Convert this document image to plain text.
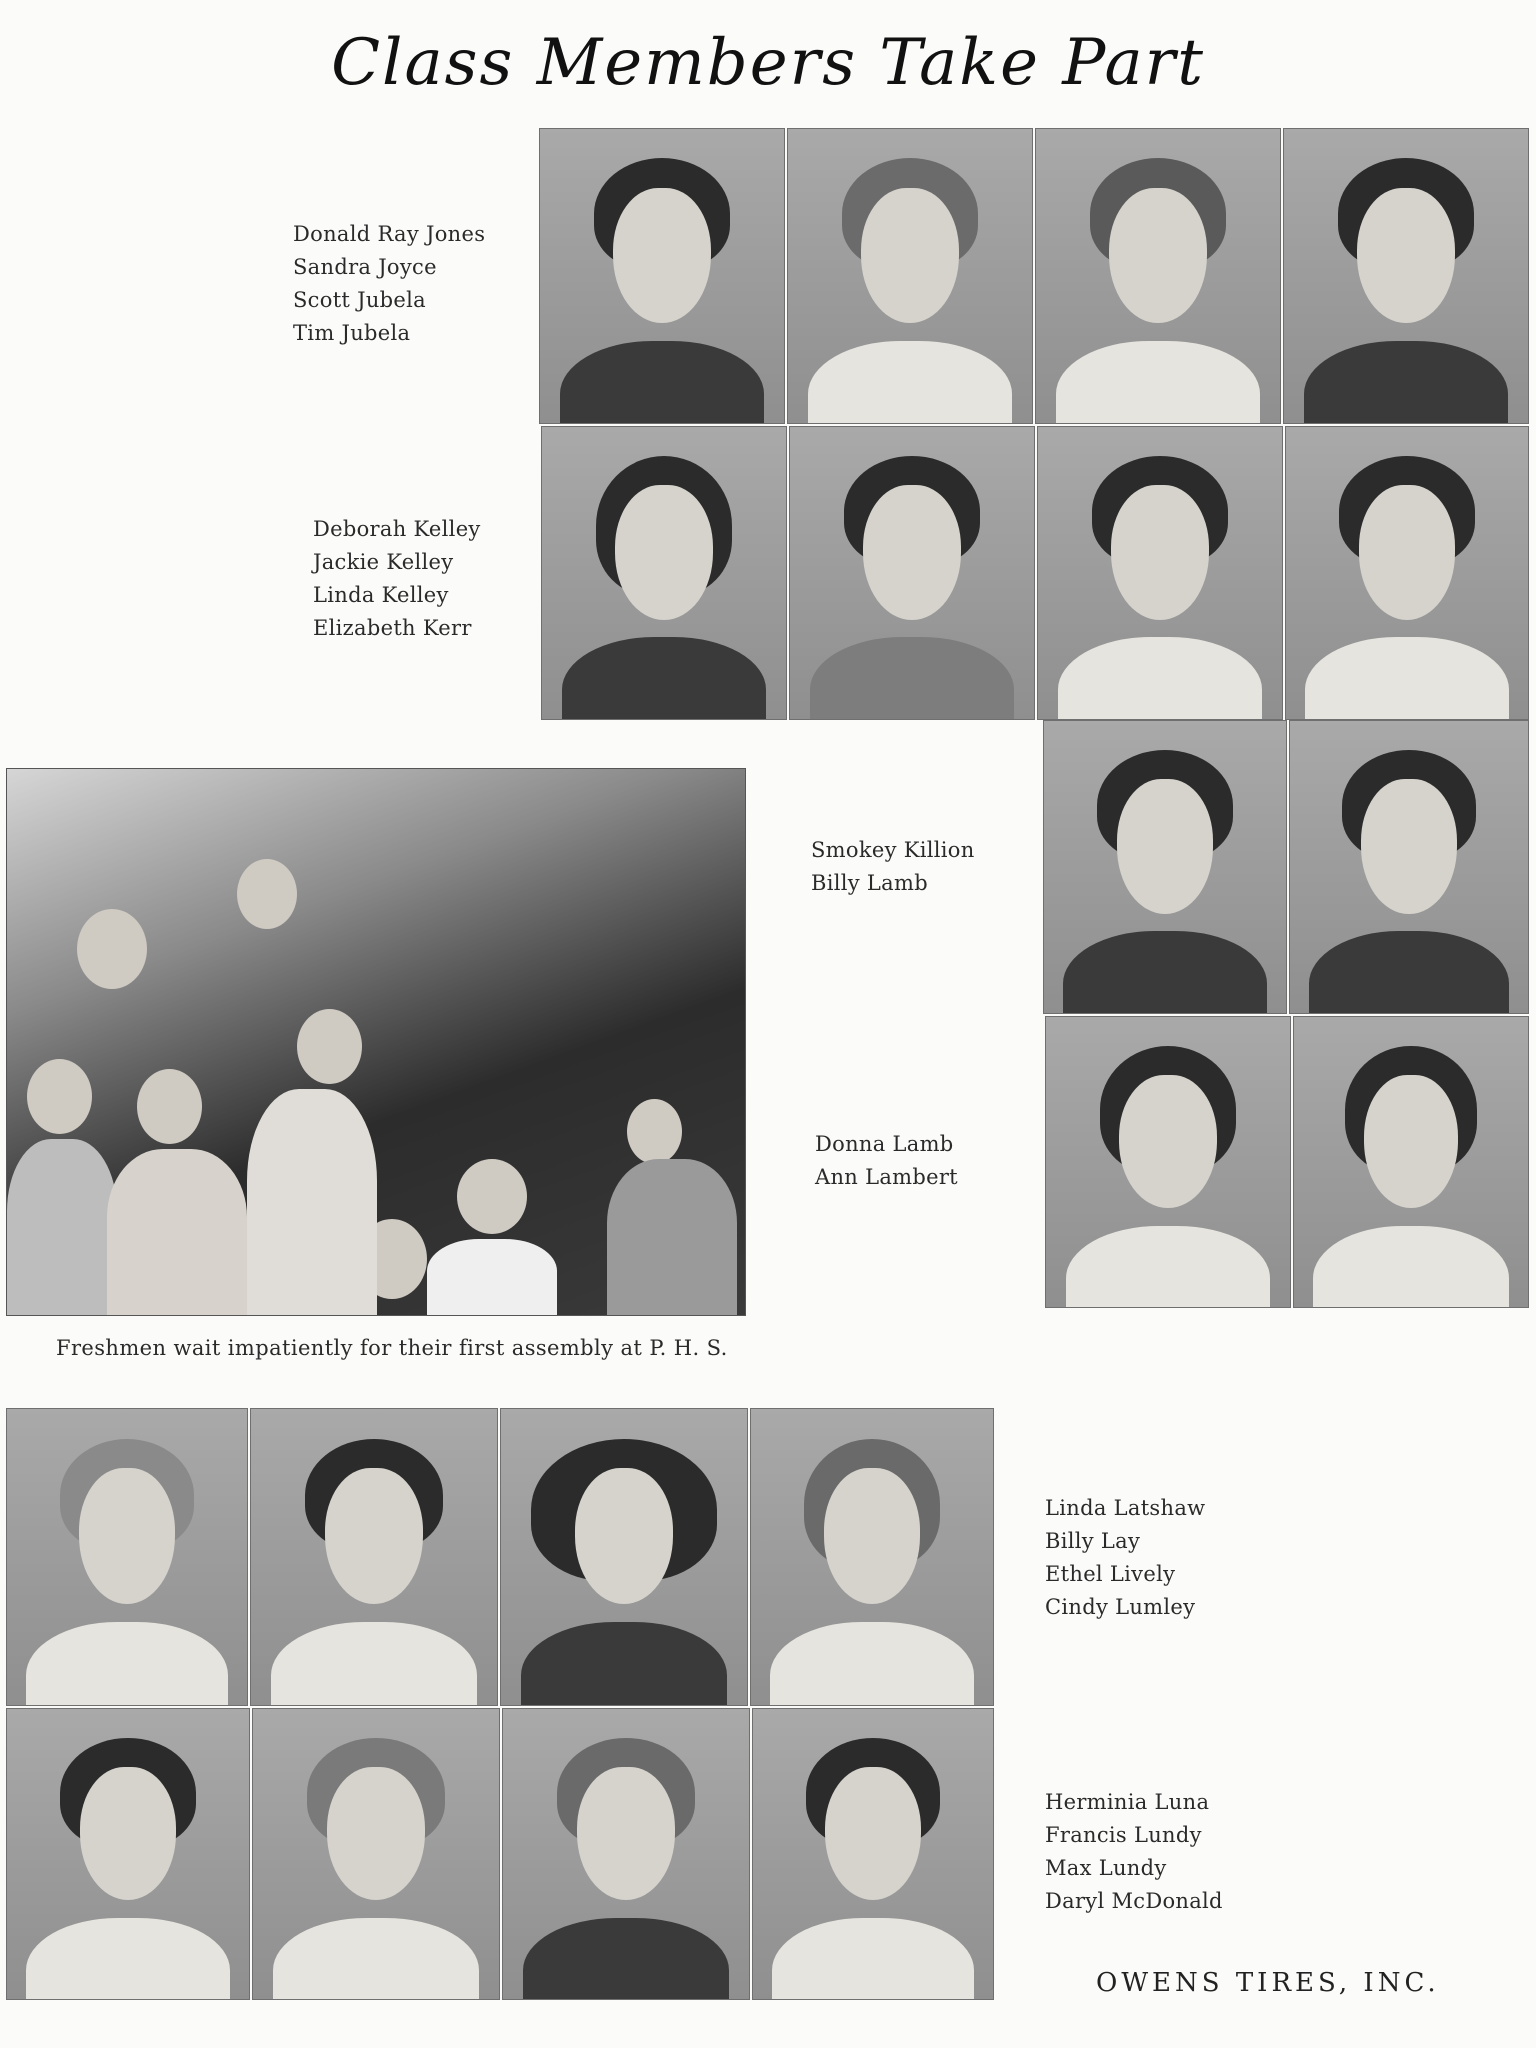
Class Members Take Part
Donald Ray Jones
Sandra Joyce
Scott Jubela
Tim Jubela
Deborah Kelley
Jackie Kelley
Linda Kelley
Elizabeth Kerr
Freshmen wait impatiently for their first assembly at P. H. S.
Smokey Killion
Billy Lamb
Donna Lamb
Ann Lambert
Linda Latshaw
Billy Lay
Ethel Lively
Cindy Lumley
Herminia Luna
Francis Lundy
Max Lundy
Daryl McDonald
OWENS TIRES, INC.
